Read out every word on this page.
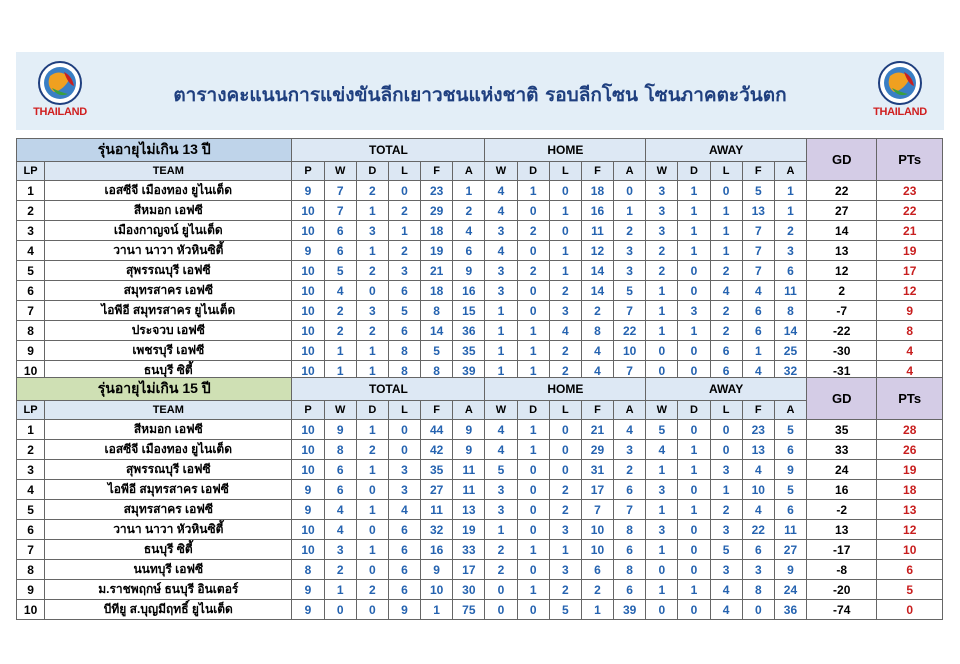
THAILAND
ตารางคะแนนการแข่งขันลีกเยาวชนแห่งชาติ รอบลีกโซน โซนภาคตะวันตก
THAILAND
รุ่นอายุไม่เกิน 13 ปี		TOTAL						HOME					AWAY					GD	PTs
LP	TEAM	P	W	D	L	F	A	W	D	L	F	A	W	D	L	F	A		
1	เอสซีจี เมืองทอง ยูไนเต็ด	9	7	2	0	23	1	4	1	0	18	0	3	1	0	5	1	22	23
2	สีหมอก เอฟซี	10	7	1	2	29	2	4	0	1	16	1	3	1	1	13	1	27	22
3	เมืองกาญจน์ ยูไนเต็ด	10	6	3	1	18	4	3	2	0	11	2	3	1	1	7	2	14	21
4	วานา นาวา หัวหินซิตี้	9	6	1	2	19	6	4	0	1	12	3	2	1	1	7	3	13	19
5	สุพรรณบุรี เอฟซี	10	5	2	3	21	9	3	2	1	14	3	2	0	2	7	6	12	17
6	สมุทรสาคร เอฟซี	10	4	0	6	18	16	3	0	2	14	5	1	0	4	4	11	2	12
7	ไอพีอี สมุทรสาคร ยูไนเต็ด	10	2	3	5	8	15	1	0	3	2	7	1	3	2	6	8	-7	9
8	ประจวบ เอฟซี	10	2	2	6	14	36	1	1	4	8	22	1	1	2	6	14	-22	8
9	เพชรบุรี เอฟซี	10	1	1	8	5	35	1	1	2	4	10	0	0	6	1	25	-30	4
10	ธนบุรี ซิตี้	10	1	1	8	8	39	1	1	2	4	7	0	0	6	4	32	-31	4
รุ่นอายุไม่เกิน 15 ปี		TOTAL						HOME					AWAY					GD	PTs
LP	TEAM	P	W	D	L	F	A	W	D	L	F	A	W	D	L	F	A		
1	สีหมอก เอฟซี	10	9	1	0	44	9	4	1	0	21	4	5	0	0	23	5	35	28
2	เอสซีจี เมืองทอง ยูไนเต็ด	10	8	2	0	42	9	4	1	0	29	3	4	1	0	13	6	33	26
3	สุพรรณบุรี เอฟซี	10	6	1	3	35	11	5	0	0	31	2	1	1	3	4	9	24	19
4	ไอพีอี สมุทรสาคร เอฟซี	9	6	0	3	27	11	3	0	2	17	6	3	0	1	10	5	16	18
5	สมุทรสาคร เอฟซี	9	4	1	4	11	13	3	0	2	7	7	1	1	2	4	6	-2	13
6	วานา นาวา หัวหินซิตี้	10	4	0	6	32	19	1	0	3	10	8	3	0	3	22	11	13	12
7	ธนบุรี ซิตี้	10	3	1	6	16	33	2	1	1	10	6	1	0	5	6	27	-17	10
8	นนทบุรี เอฟซี	8	2	0	6	9	17	2	0	3	6	8	0	0	3	3	9	-8	6
9	ม.ราชพฤกษ์ ธนบุรี อินเตอร์	9	1	2	6	10	30	0	1	2	2	6	1	1	4	8	24	-20	5
10	บีทียู ส.บุญมีฤทธิ์ ยูไนเต็ด	9	0	0	9	1	75	0	0	5	1	39	0	0	4	0	36	-74	0
